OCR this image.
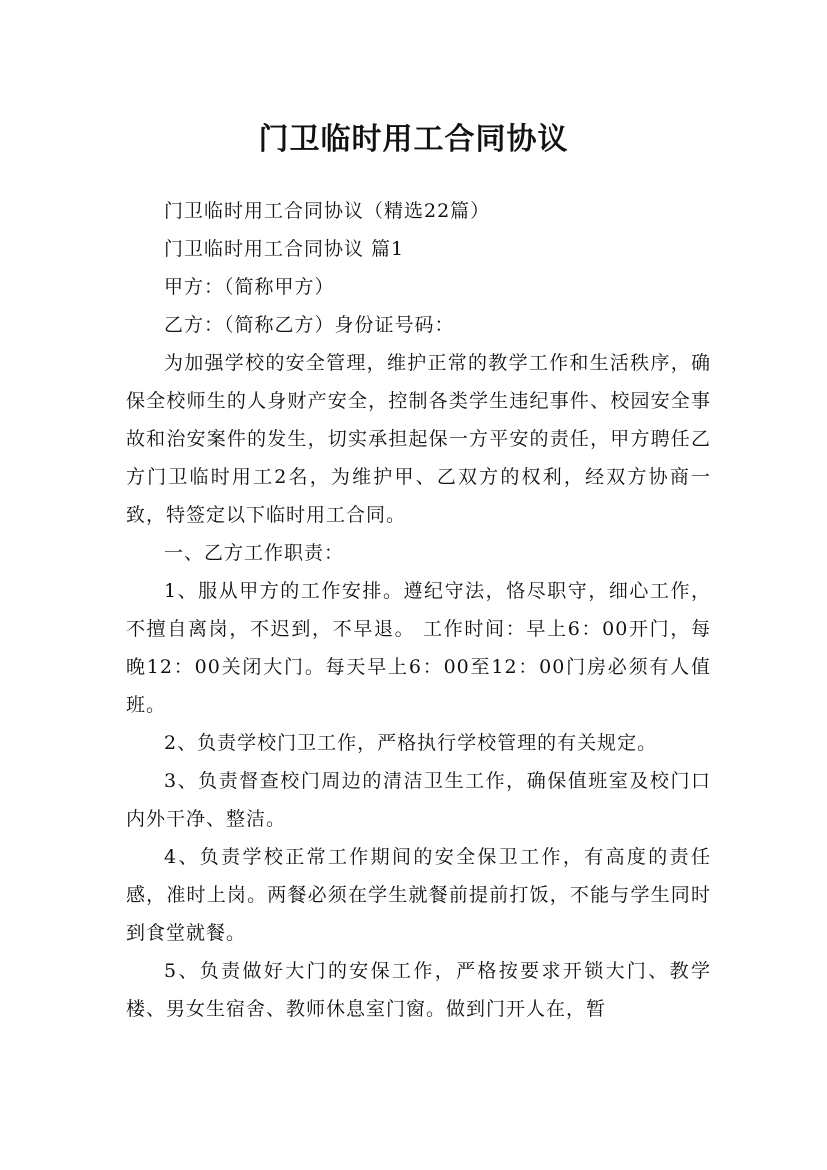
门卫临时用工合同协议

门卫临时用工合同协议（精选22篇）

门卫临时用工合同协议 篇1

甲方：（简称甲方）

乙方：（简称乙方）身份证号码：

为加强学校的安全管理，维护正常的教学工作和生活秩序，确保全校师生的人身财产安全，控制各类学生违纪事件、校园安全事故和治安案件的发生，切实承担起保一方平安的责任，甲方聘任乙方门卫临时用工2名，为维护甲、乙双方的权利，经双方协商一致，特签定以下临时用工合同。

一、乙方工作职责：

1、服从甲方的工作安排。遵纪守法，恪尽职守，细心工作，不擅自离岗，不迟到，不早退。 工作时间：早上6：00开门，每晚12：00关闭大门。每天早上6：00至12：00门房必须有人值班。

2、负责学校门卫工作，严格执行学校管理的有关规定。

3、负责督查校门周边的清洁卫生工作，确保值班室及校门口内外干净、整洁。

4、负责学校正常工作期间的安全保卫工作，有高度的责任感，准时上岗。两餐必须在学生就餐前提前打饭，不能与学生同时到食堂就餐。

5、负责做好大门的安保工作，严格按要求开锁大门、教学楼、男女生宿舍、教师休息室门窗。做到门开人在，暂
